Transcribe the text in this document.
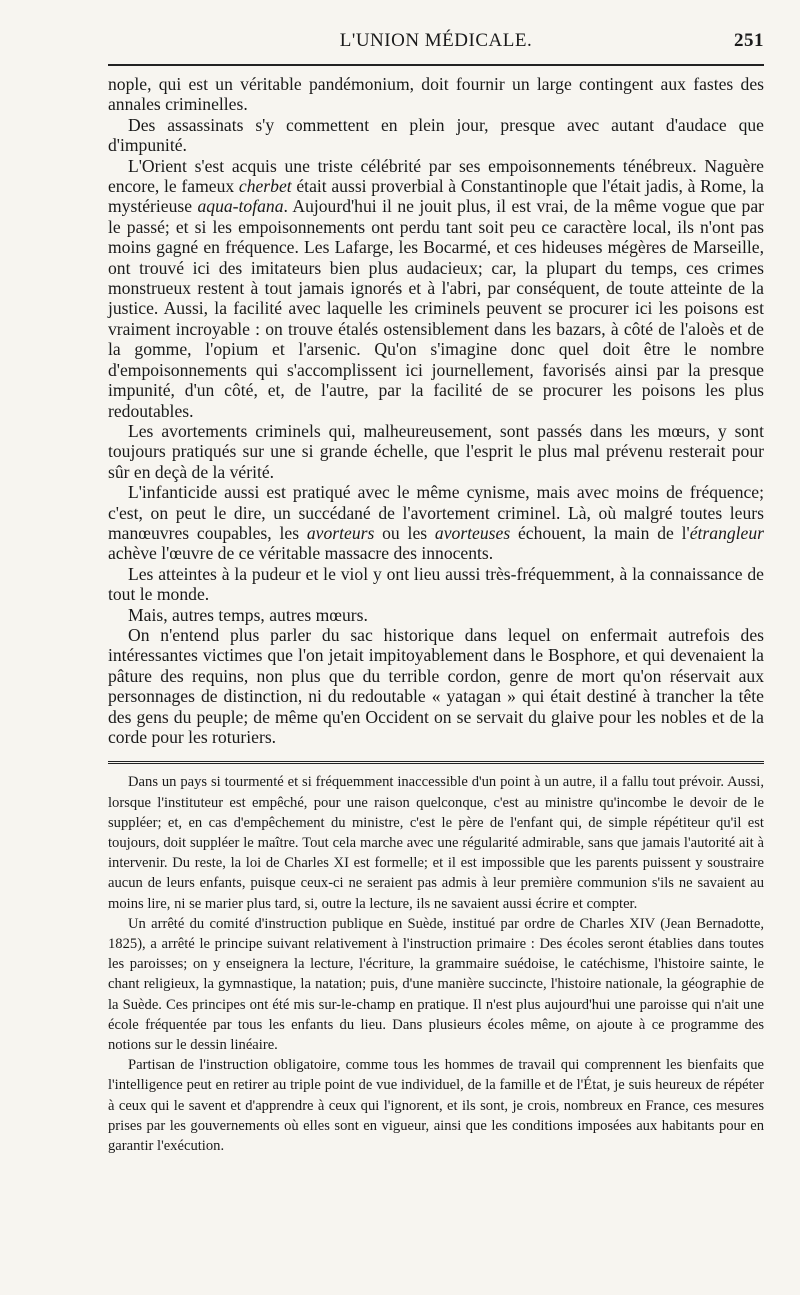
L'UNION MÉDICALE.	251

nople, qui est un véritable pandémonium, doit fournir un large contingent aux fastes des annales criminelles.

Des assassinats s'y commettent en plein jour, presque avec autant d'audace que d'impunité.

L'Orient s'est acquis une triste célébrité par ses empoisonnements ténébreux. Naguère encore, le fameux cherbet était aussi proverbial à Constantinople que l'était jadis, à Rome, la mystérieuse aqua-tofana. Aujourd'hui il ne jouit plus, il est vrai, de la même vogue que par le passé; et si les empoisonnements ont perdu tant soit peu ce caractère local, ils n'ont pas moins gagné en fréquence. Les Lafarge, les Bocarmé, et ces hideuses mégères de Marseille, ont trouvé ici des imitateurs bien plus audacieux; car, la plupart du temps, ces crimes monstrueux restent à tout jamais ignorés et à l'abri, par conséquent, de toute atteinte de la justice. Aussi, la facilité avec laquelle les criminels peuvent se procurer ici les poisons est vraiment incroyable : on trouve étalés ostensiblement dans les bazars, à côté de l'aloès et de la gomme, l'opium et l'arsenic. Qu'on s'imagine donc quel doit être le nombre d'empoisonnements qui s'accomplissent ici journellement, favorisés ainsi par la presque impunité, d'un côté, et, de l'autre, par la facilité de se procurer les poisons les plus redoutables.

Les avortements criminels qui, malheureusement, sont passés dans les mœurs, y sont toujours pratiqués sur une si grande échelle, que l'esprit le plus mal prévenu resterait pour sûr en deçà de la vérité.

L'infanticide aussi est pratiqué avec le même cynisme, mais avec moins de fréquence; c'est, on peut le dire, un succédané de l'avortement criminel. Là, où malgré toutes leurs manœuvres coupables, les avorteurs ou les avorteuses échouent, la main de l'étrangleur achève l'œuvre de ce véritable massacre des innocents.

Les atteintes à la pudeur et le viol y ont lieu aussi très-fréquemment, à la connaissance de tout le monde.

Mais, autres temps, autres mœurs.

On n'entend plus parler du sac historique dans lequel on enfermait autrefois des intéressantes victimes que l'on jetait impitoyablement dans le Bosphore, et qui devenaient la pâture des requins, non plus que du terrible cordon, genre de mort qu'on réservait aux personnages de distinction, ni du redoutable « yatagan » qui était destiné à trancher la tête des gens du peuple; de même qu'en Occident on se servait du glaive pour les nobles et de la corde pour les roturiers.

Dans un pays si tourmenté et si fréquemment inaccessible d'un point à un autre, il a fallu tout prévoir. Aussi, lorsque l'instituteur est empêché, pour une raison quelconque, c'est au ministre qu'incombe le devoir de le suppléer; et, en cas d'empêchement du ministre, c'est le père de l'enfant qui, de simple répétiteur qu'il est toujours, doit suppléer le maître. Tout cela marche avec une régularité admirable, sans que jamais l'autorité ait à intervenir. Du reste, la loi de Charles XI est formelle; et il est impossible que les parents puissent y soustraire aucun de leurs enfants, puisque ceux-ci ne seraient pas admis à leur première communion s'ils ne savaient au moins lire, ni se marier plus tard, si, outre la lecture, ils ne savaient aussi écrire et compter.

Un arrêté du comité d'instruction publique en Suède, institué par ordre de Charles XIV (Jean Bernadotte, 1825), a arrêté le principe suivant relativement à l'instruction primaire : Des écoles seront établies dans toutes les paroisses; on y enseignera la lecture, l'écriture, la grammaire suédoise, le catéchisme, l'histoire sainte, le chant religieux, la gymnastique, la natation; puis, d'une manière succincte, l'histoire nationale, la géographie de la Suède. Ces principes ont été mis sur-le-champ en pratique. Il n'est plus aujourd'hui une paroisse qui n'ait une école fréquentée par tous les enfants du lieu. Dans plusieurs écoles même, on ajoute à ce programme des notions sur le dessin linéaire.

Partisan de l'instruction obligatoire, comme tous les hommes de travail qui comprennent les bienfaits que l'intelligence peut en retirer au triple point de vue individuel, de la famille et de l'État, je suis heureux de répéter à ceux qui le savent et d'apprendre à ceux qui l'ignorent, et ils sont, je crois, nombreux en France, ces mesures prises par les gouvernements où elles sont en vigueur, ainsi que les conditions imposées aux habitants pour en garantir l'exécution.
